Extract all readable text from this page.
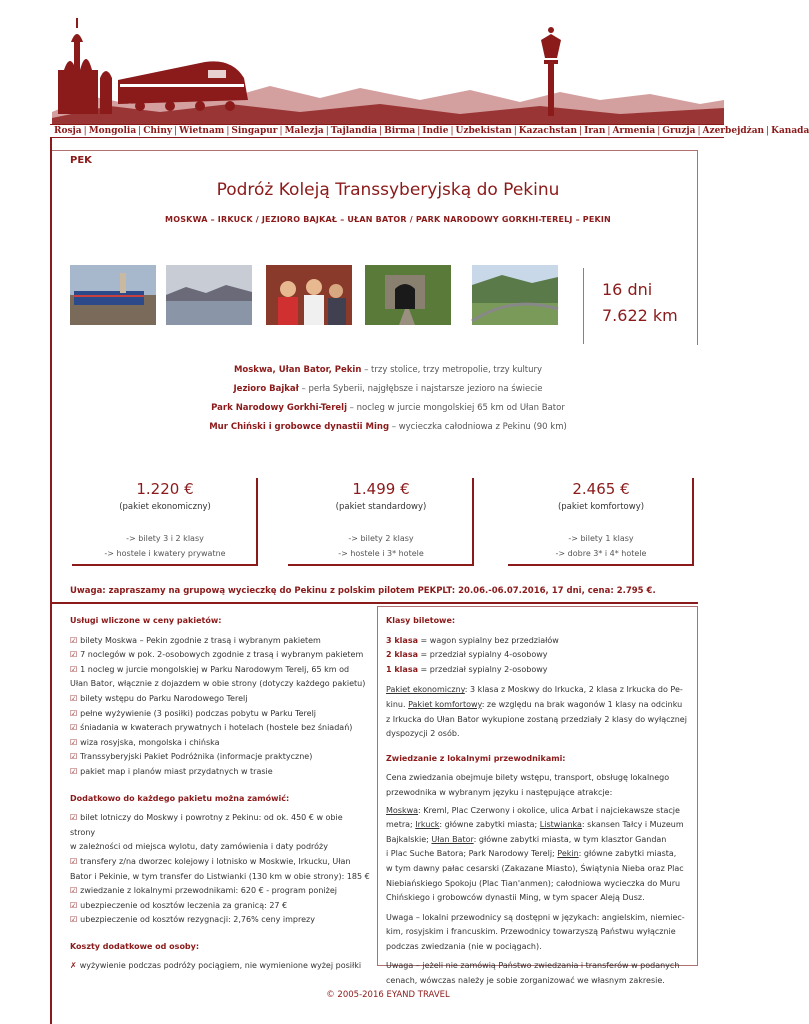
Rosja | Mongolia | Chiny | Wietnam | Singapur | Malezja | Tajlandia | Birma | Indie | Uzbekistan | Kazachstan | Iran | Armenia | Gruzja | Azerbejdżan | Kanada
PEK
Podróż Koleją Transsyberyjską do Pekinu
MOSKWA – IRKUCK / JEZIORO BAJKAŁ – UŁAN BATOR / PARK NARODOWY GORKHI-TERELJ – PEKIN
16 dni
7.622 km
Moskwa, Ułan Bator, Pekin – trzy stolice, trzy metropolie, trzy kultury
Jezioro Bajkał – perła Syberii, najgłębsze i najstarsze jezioro na świecie
Park Narodowy Gorkhi-Terelj – nocleg w jurcie mongolskiej 65 km od Ułan Bator
Mur Chiński i grobowce dynastii Ming – wycieczka całodniowa z Pekinu (90 km)
1.220 €
(pakiet ekonomiczny)
-> bilety 3 i 2 klasy
-> hostele i kwatery prywatne
1.499 €
(pakiet standardowy)
-> bilety 2 klasy
-> hostele i 3* hotele
2.465 €
(pakiet komfortowy)
-> bilety 1 klasy
-> dobre 3* i 4* hotele
Uwaga: zapraszamy na grupową wycieczkę do Pekinu z polskim pilotem PEKPLT: 20.06.-06.07.2016, 17 dni, cena: 2.795 €.
Usługi wliczone w ceny pakietów:
☑ bilety Moskwa – Pekin zgodnie z trasą i wybranym pakietem
☑ 7 noclegów w pok. 2-osobowych zgodnie z trasą i wybranym pakietem
☑ 1 nocleg w jurcie mongolskiej w Parku Narodowym Terelj, 65 km od
Ułan Bator, włącznie z dojazdem w obie strony (dotyczy każdego pakietu)
☑ bilety wstępu do Parku Narodowego Terelj
☑ pełne wyżywienie (3 posiłki) podczas pobytu w Parku Terelj
☑ śniadania w kwaterach prywatnych i hotelach (hostele bez śniadań)
☑ wiza rosyjska, mongolska i chińska
☑ Transsyberyjski Pakiet Podróżnika (informacje praktyczne)
☑ pakiet map i planów miast przydatnych w trasie
Dodatkowo do każdego pakietu można zamówić:
☑ bilet lotniczy do Moskwy i powrotny z Pekinu: od ok. 450 € w obie strony
w zależności od miejsca wylotu, daty zamówienia i daty podróży
☑ transfery z/na dworzec kolejowy i lotnisko w Moskwie, Irkucku, Ułan
Bator i Pekinie, w tym transfer do Listwianki (130 km w obie strony): 185 €
☑ zwiedzanie z lokalnymi przewodnikami: 620 € - program poniżej
☑ ubezpieczenie od kosztów leczenia za granicą: 27 €
☑ ubezpieczenie od kosztów rezygnacji: 2,76% ceny imprezy
Koszty dodatkowe od osoby:
✗ wyżywienie podczas podróży pociągiem, nie wymienione wyżej posiłki
Klasy biletowe:
3 klasa = wagon sypialny bez przedziałów
2 klasa = przedział sypialny 4-osobowy
1 klasa = przedział sypialny 2-osobowy
Pakiet ekonomiczny: 3 klasa z Moskwy do Irkucka, 2 klasa z Irkucka do Pe-
kinu. Pakiet komfortowy: ze względu na brak wagonów 1 klasy na odcinku
z Irkucka do Ułan Bator wykupione zostaną przedziały 2 klasy do wyłącznej
dyspozycji 2 osób.
Zwiedzanie z lokalnymi przewodnikami:
Cena zwiedzania obejmuje bilety wstępu, transport, obsługę lokalnego
przewodnika w wybranym języku i następujące atrakcje:
Moskwa: Kreml, Plac Czerwony i okolice, ulica Arbat i najciekawsze stacje
metra; Irkuck: główne zabytki miasta; Listwianka: skansen Tałcy i Muzeum
Bajkalskie; Ułan Bator: główne zabytki miasta, w tym klasztor Gandan
i Plac Suche Batora; Park Narodowy Terelj; Pekin: główne zabytki miasta,
w tym dawny pałac cesarski (Zakazane Miasto), Świątynia Nieba oraz Plac
Niebiańskiego Spokoju (Plac Tian'anmen); całodniowa wycieczka do Muru
Chińskiego i grobowców dynastii Ming, w tym spacer Aleją Dusz.
Uwaga – lokalni przewodnicy są dostępni w językach: angielskim, niemiec-
kim, rosyjskim i francuskim. Przewodnicy towarzyszą Państwu wyłącznie
podczas zwiedzania (nie w pociągach).
Uwaga – jeżeli nie zamówią Państwo zwiedzania i transferów w podanych
cenach, wówczas należy je sobie zorganizować we własnym zakresie.
© 2005-2016 EYAND TRAVEL
